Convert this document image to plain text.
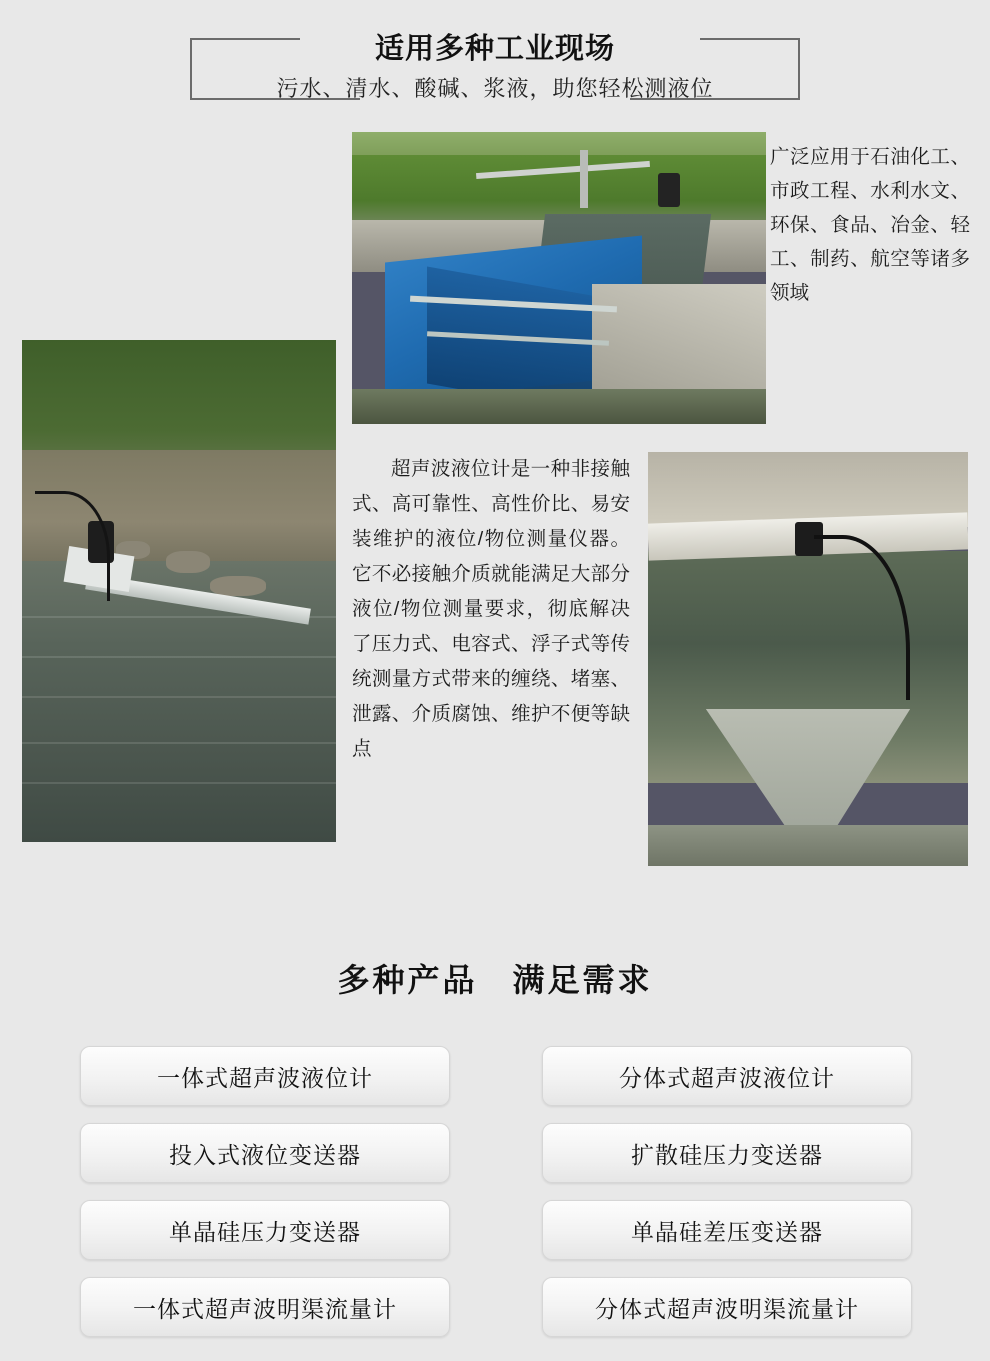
适用多种工业现场
污水、清水、酸碱、浆液，助您轻松测液位
广泛应用于石油化工、市政工程、水利水文、环保、食品、冶金、轻工、制药、航空等诸多领域
超声波液位计是一种非接触式、高可靠性、高性价比、易安装维护的液位/物位测量仪器。它不必接触介质就能满足大部分液位/物位测量要求，彻底解决了压力式、电容式、浮子式等传统测量方式带来的缠绕、堵塞、泄露、介质腐蚀、维护不便等缺点
多种产品　满足需求
一体式超声波液位计	分体式超声波液位计
投入式液位变送器	扩散硅压力变送器
单晶硅压力变送器	单晶硅差压变送器
一体式超声波明渠流量计	分体式超声波明渠流量计
